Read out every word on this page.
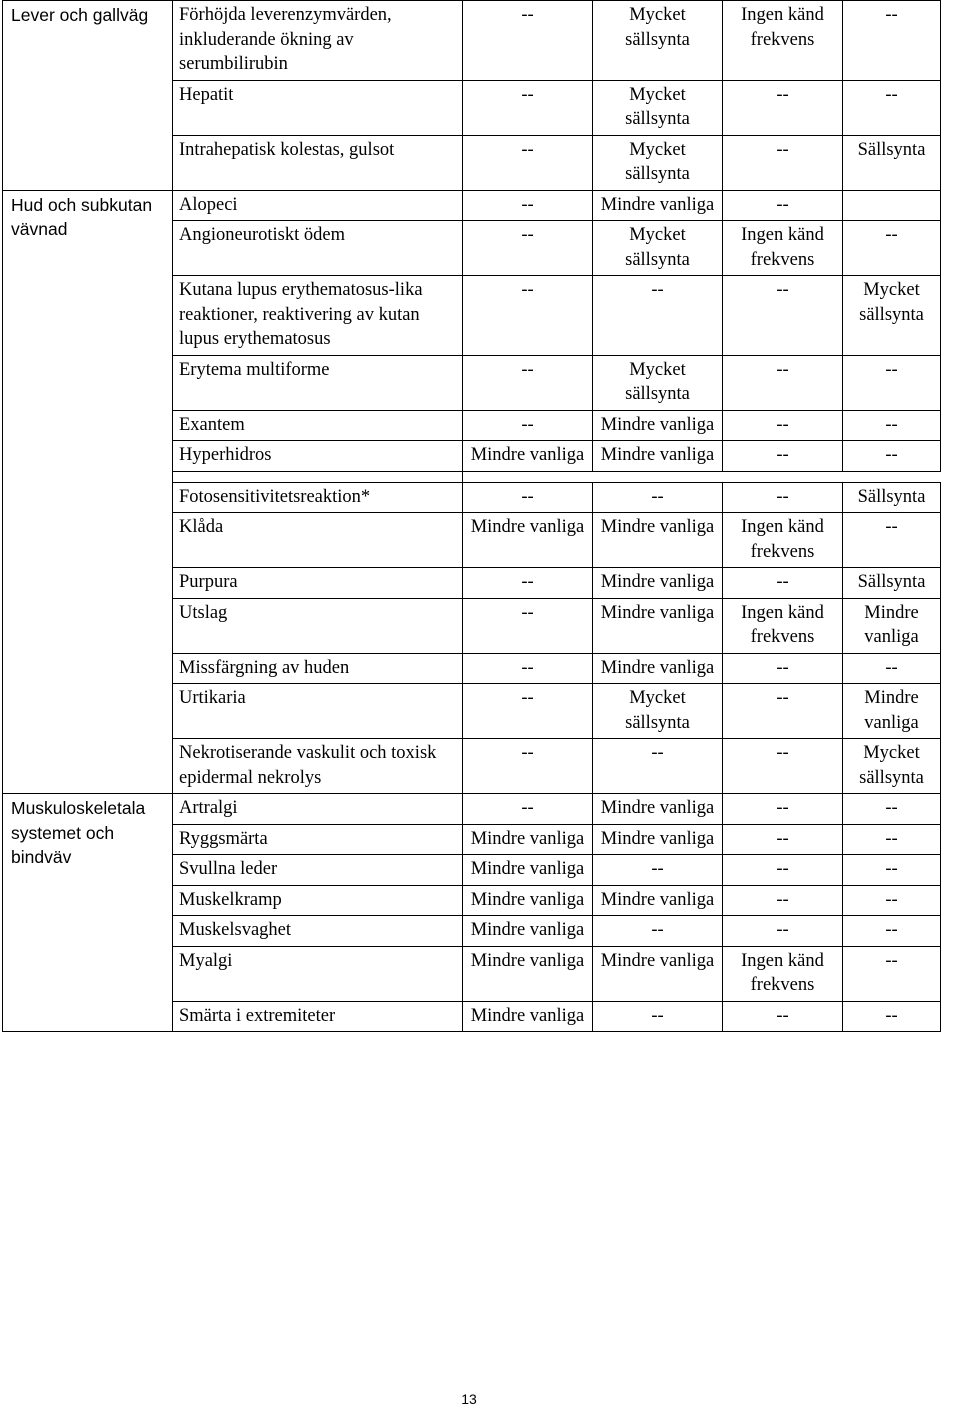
Lever och gallväg	Förhöjda leverenzymvärden, inkluderande ökning av serumbilirubin	--	Mycket sällsynta	Ingen känd frekvens	--
	Hepatit	--	Mycket sällsynta	--	--
	Intrahepatisk kolestas, gulsot	--	Mycket sällsynta	--	Sällsynta
Hud och subkutan vävnad	Alopeci	--	Mindre vanliga	--	
	Angioneurotiskt ödem	--	Mycket sällsynta	Ingen känd frekvens	--
	Kutana lupus erythematosus-lika reaktioner, reaktivering av kutan lupus erythematosus	--	--	--	Mycket sällsynta
	Erytema multiforme	--	Mycket sällsynta	--	--
	Exantem	--	Mindre vanliga	--	--
	Hyperhidros	Mindre vanliga	Mindre vanliga	--	--

	Fotosensitivitetsreaktion*	--	--	--	Sällsynta
	Klåda	Mindre vanliga	Mindre vanliga	Ingen känd frekvens	--
	Purpura	--	Mindre vanliga	--	Sällsynta
	Utslag	--	Mindre vanliga	Ingen känd frekvens	Mindre vanliga
	Missfärgning av huden	--	Mindre vanliga	--	--
	Urtikaria	--	Mycket sällsynta	--	Mindre vanliga
	Nekrotiserande vaskulit och toxisk epidermal nekrolys	--	--	--	Mycket sällsynta
Muskuloskeletala systemet och bindväv	Artralgi	--	Mindre vanliga	--	--
	Ryggsmärta	Mindre vanliga	Mindre vanliga	--	--
	Svullna leder	Mindre vanliga	--	--	--
	Muskelkramp	Mindre vanliga	Mindre vanliga	--	--
	Muskelsvaghet	Mindre vanliga	--	--	--
	Myalgi	Mindre vanliga	Mindre vanliga	Ingen känd frekvens	--
	Smärta i extremiteter	Mindre vanliga	--	--	--
13
